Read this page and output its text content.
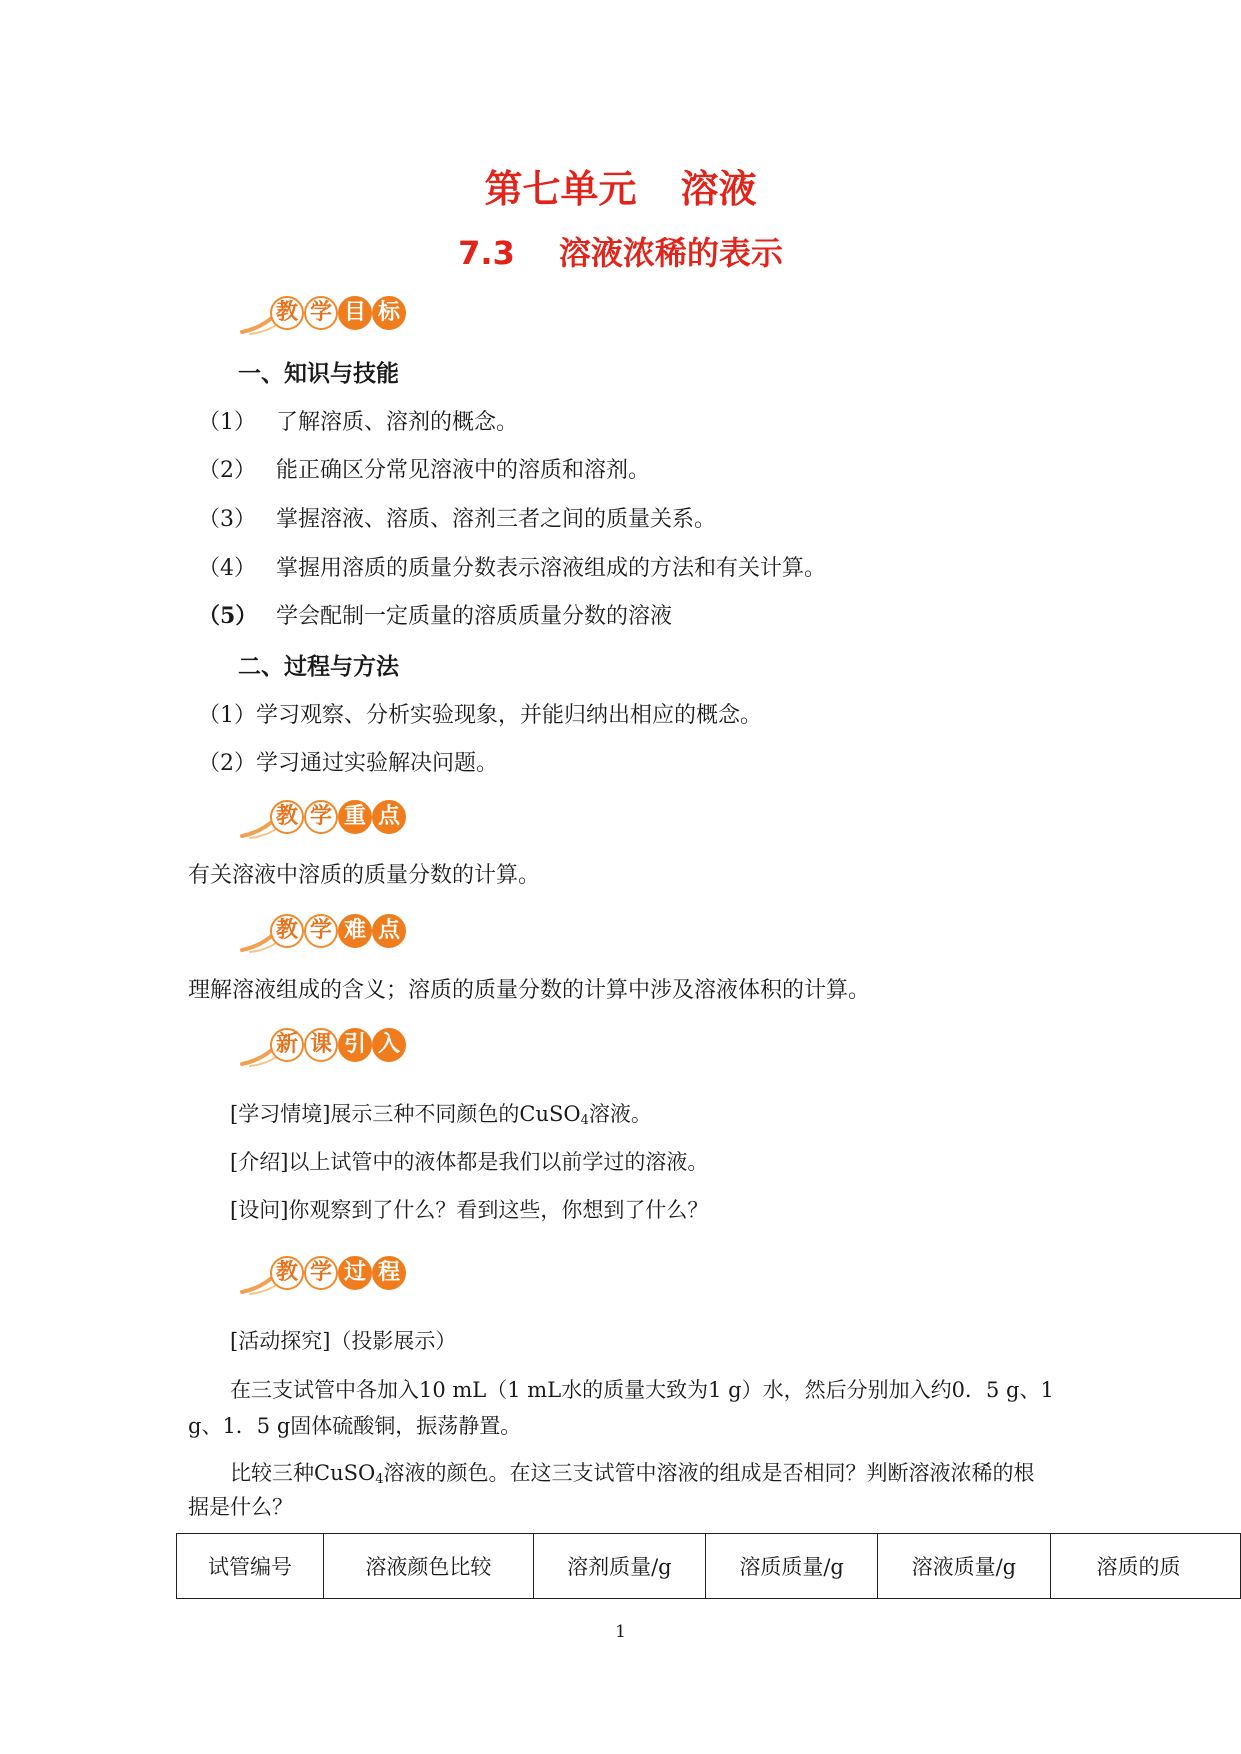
第七单元 溶液
7.3 溶液浓稀的表示
教 学 目 标
一、知识与技能
（1） 了解溶质、溶剂的概念。
（2） 能正确区分常见溶液中的溶质和溶剂。
（3） 掌握溶液、溶质、溶剂三者之间的质量关系。
（4） 掌握用溶质的质量分数表示溶液组成的方法和有关计算。
（5） 学会配制一定质量的溶质质量分数的溶液
二、过程与方法
（1）学习观察、分析实验现象，并能归纳出相应的概念。
（2）学习通过实验解决问题。
教 学 重 点
有关溶液中溶质的质量分数的计算。
教 学 难 点
理解溶液组成的含义；溶质的质量分数的计算中涉及溶液体积的计算。
新 课 引 入
[学习情境]展示三种不同颜色的CuSO$_4$溶液。
[介绍]以上试管中的液体都是我们以前学过的溶液。
[设问]你观察到了什么？看到这些，你想到了什么？
教 学 过 程
[活动探究]（投影展示）
在三支试管中各加入10 mL（1 mL水的质量大致为1 g）水，然后分别加入约0．5 g、1
g、1．5 g固体硫酸铜，振荡静置。
比较三种CuSO$_4$溶液的颜色。在这三支试管中溶液的组成是否相同？判断溶液浓稀的根
据是什么？
试管编号	溶液颜色比较	溶剂质量/g	溶质质量/g	溶液质量/g	溶质的质
1
